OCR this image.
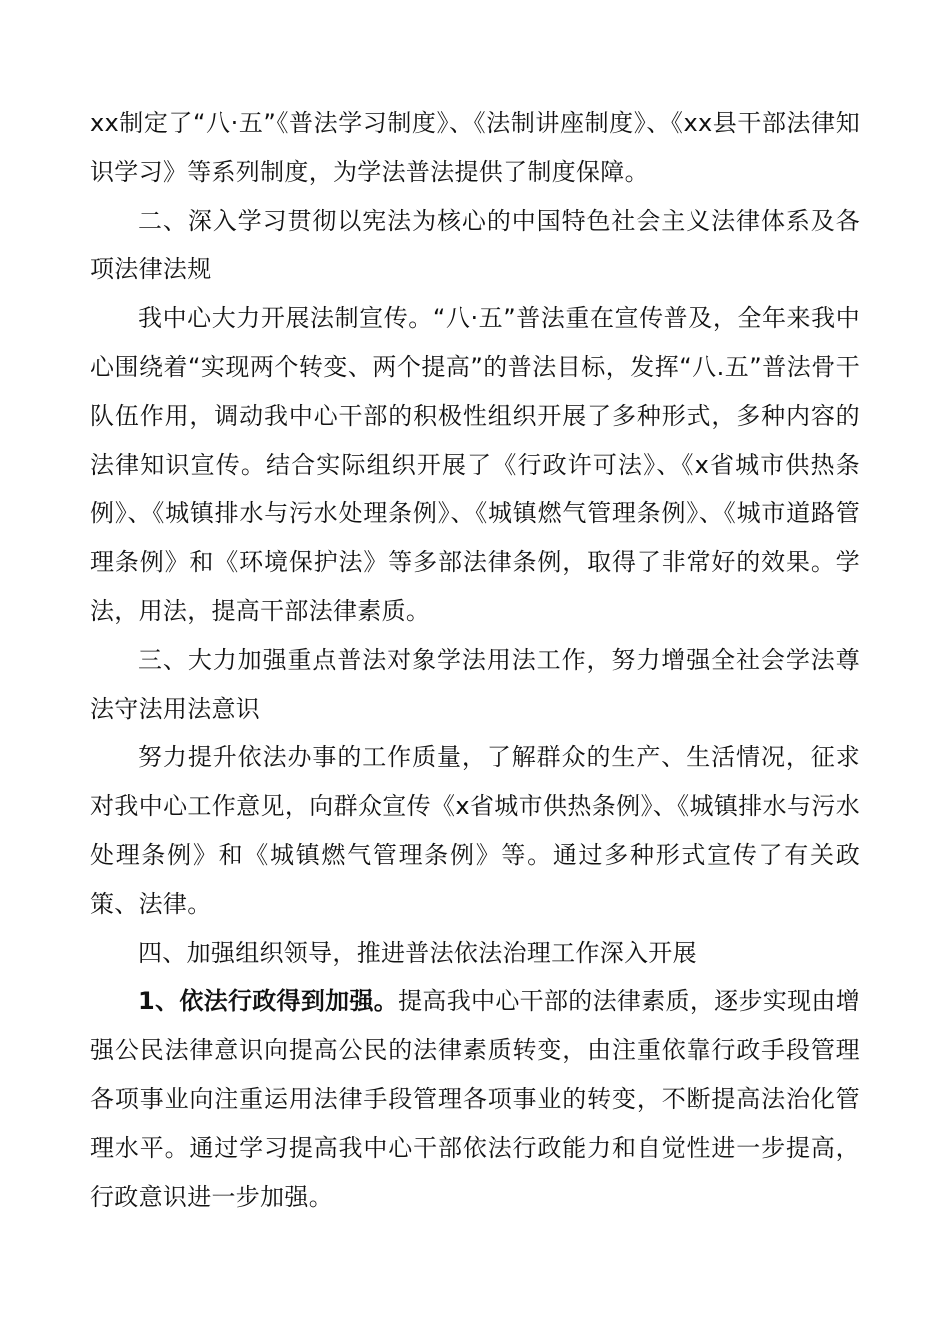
xx制定了“八·五”《普法学习制度》、《法制讲座制度》、《xx县干部法律知识学习》等系列制度，为学法普法提供了制度保障。

二、深入学习贯彻以宪法为核心的中国特色社会主义法律体系及各项法律法规

我中心大力开展法制宣传。“八·五”普法重在宣传普及，全年来我中心围绕着“实现两个转变、两个提高”的普法目标，发挥“八.五”普法骨干队伍作用，调动我中心干部的积极性组织开展了多种形式，多种内容的法律知识宣传。结合实际组织开展了《行政许可法》、《x省城市供热条例》、《城镇排水与污水处理条例》、《城镇燃气管理条例》、《城市道路管理条例》和《环境保护法》等多部法律条例，取得了非常好的效果。学法，用法，提高干部法律素质。

三、大力加强重点普法对象学法用法工作，努力增强全社会学法尊法守法用法意识

努力提升依法办事的工作质量，了解群众的生产、生活情况，征求对我中心工作意见，向群众宣传《x省城市供热条例》、《城镇排水与污水处理条例》和《城镇燃气管理条例》等。通过多种形式宣传了有关政策、法律。

四、加强组织领导，推进普法依法治理工作深入开展

1、依法行政得到加强。提高我中心干部的法律素质，逐步实现由增强公民法律意识向提高公民的法律素质转变，由注重依靠行政手段管理各项事业向注重运用法律手段管理各项事业的转变，不断提高法治化管理水平。通过学习提高我中心干部依法行政能力和自觉性进一步提高，行政意识进一步加强。
